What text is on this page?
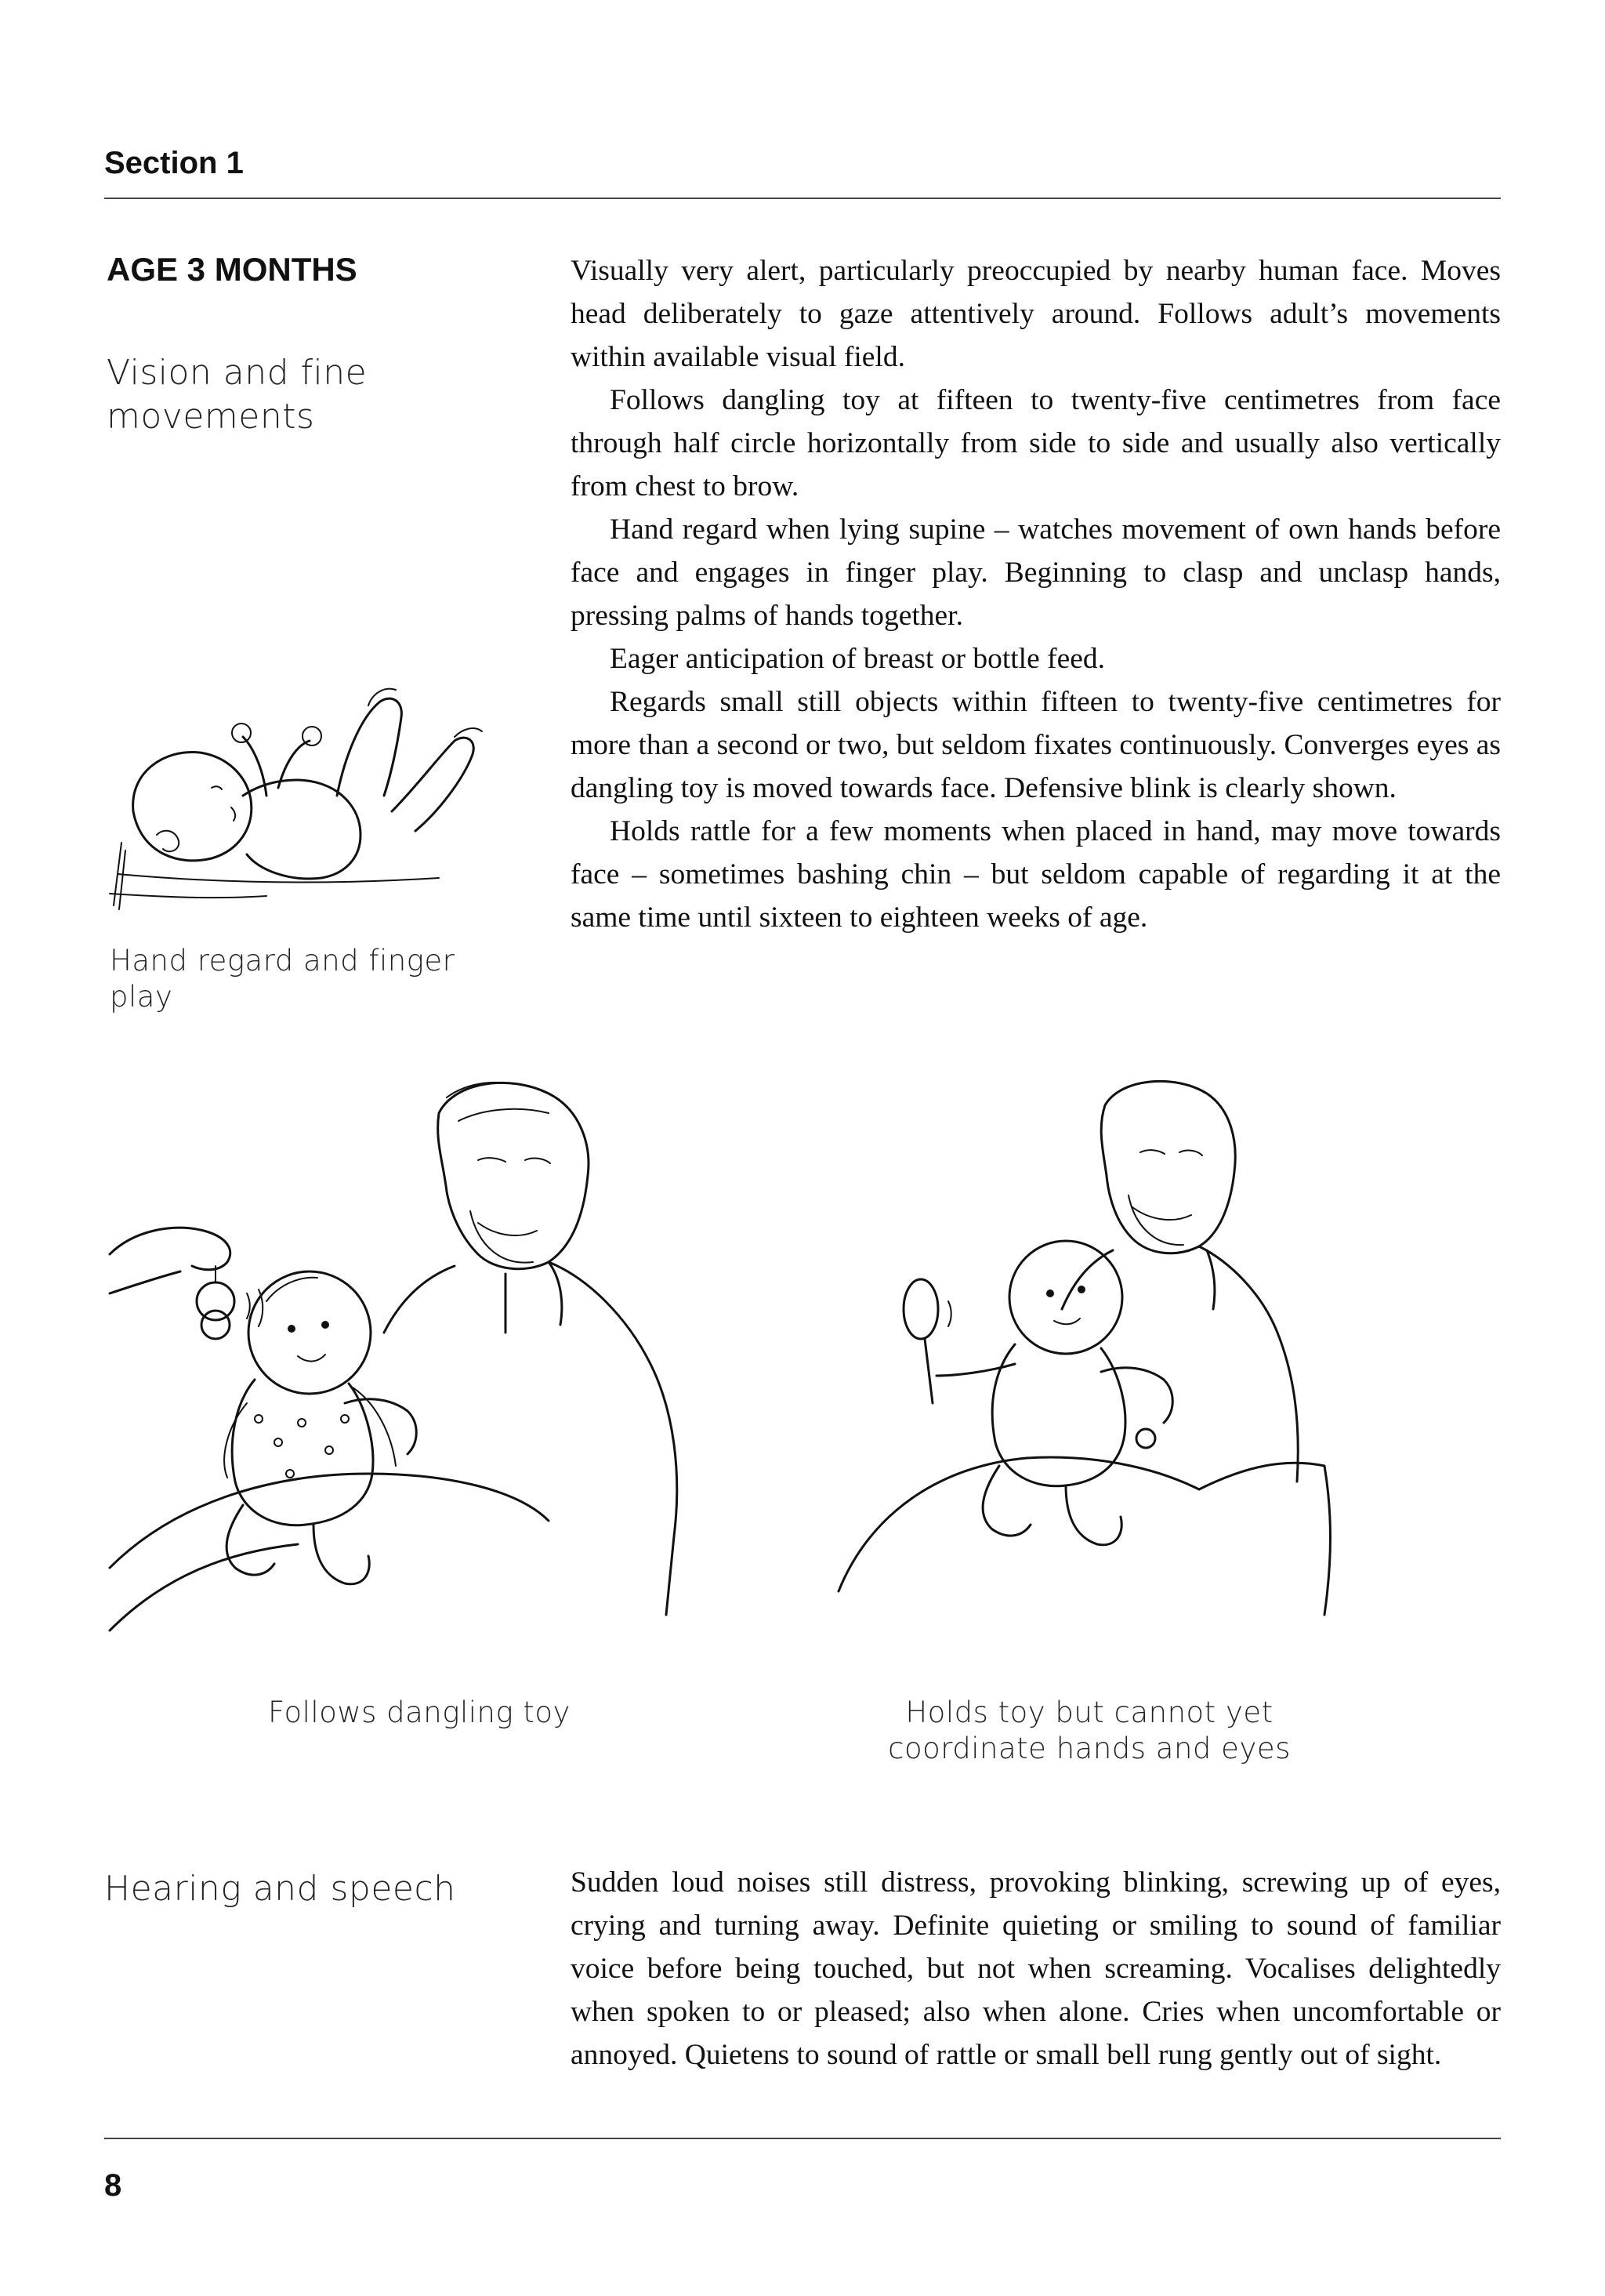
Section 1
AGE 3 MONTHS
Vision and fine movements

Visually very alert, particularly preoccupied by nearby human face. Moves head deliberately to gaze attentively around. Follows adult’s movements within available visual field.

Follows dangling toy at fifteen to twenty-five centimetres from face through half circle horizontally from side to side and usually also vertically from chest to brow.

Hand regard when lying supine – watches movement of own hands before face and engages in finger play. Beginning to clasp and unclasp hands, pressing palms of hands together.

Eager anticipation of breast or bottle feed.

Regards small still objects within fifteen to twenty-five centimetres for more than a second or two, but seldom fixates continuously. Converges eyes as dangling toy is moved towards face. Defensive blink is clearly shown.

Holds rattle for a few moments when placed in hand, may move towards face – sometimes bashing chin – but seldom capable of regarding it at the same time until sixteen to eighteen weeks of age.

Hand regard and finger play
Follows dangling toy	Holds toy but cannot yet coordinate hands and eyes
Hearing and speech	Sudden loud noises still distress, provoking blinking, screwing up of eyes, crying and turning away. Definite quieting or smiling to sound of familiar voice before being touched, but not when screaming. Vocalises delightedly when spoken to or pleased; also when alone. Cries when uncomfortable or annoyed. Quietens to sound of rattle or small bell rung gently out of sight.

8
